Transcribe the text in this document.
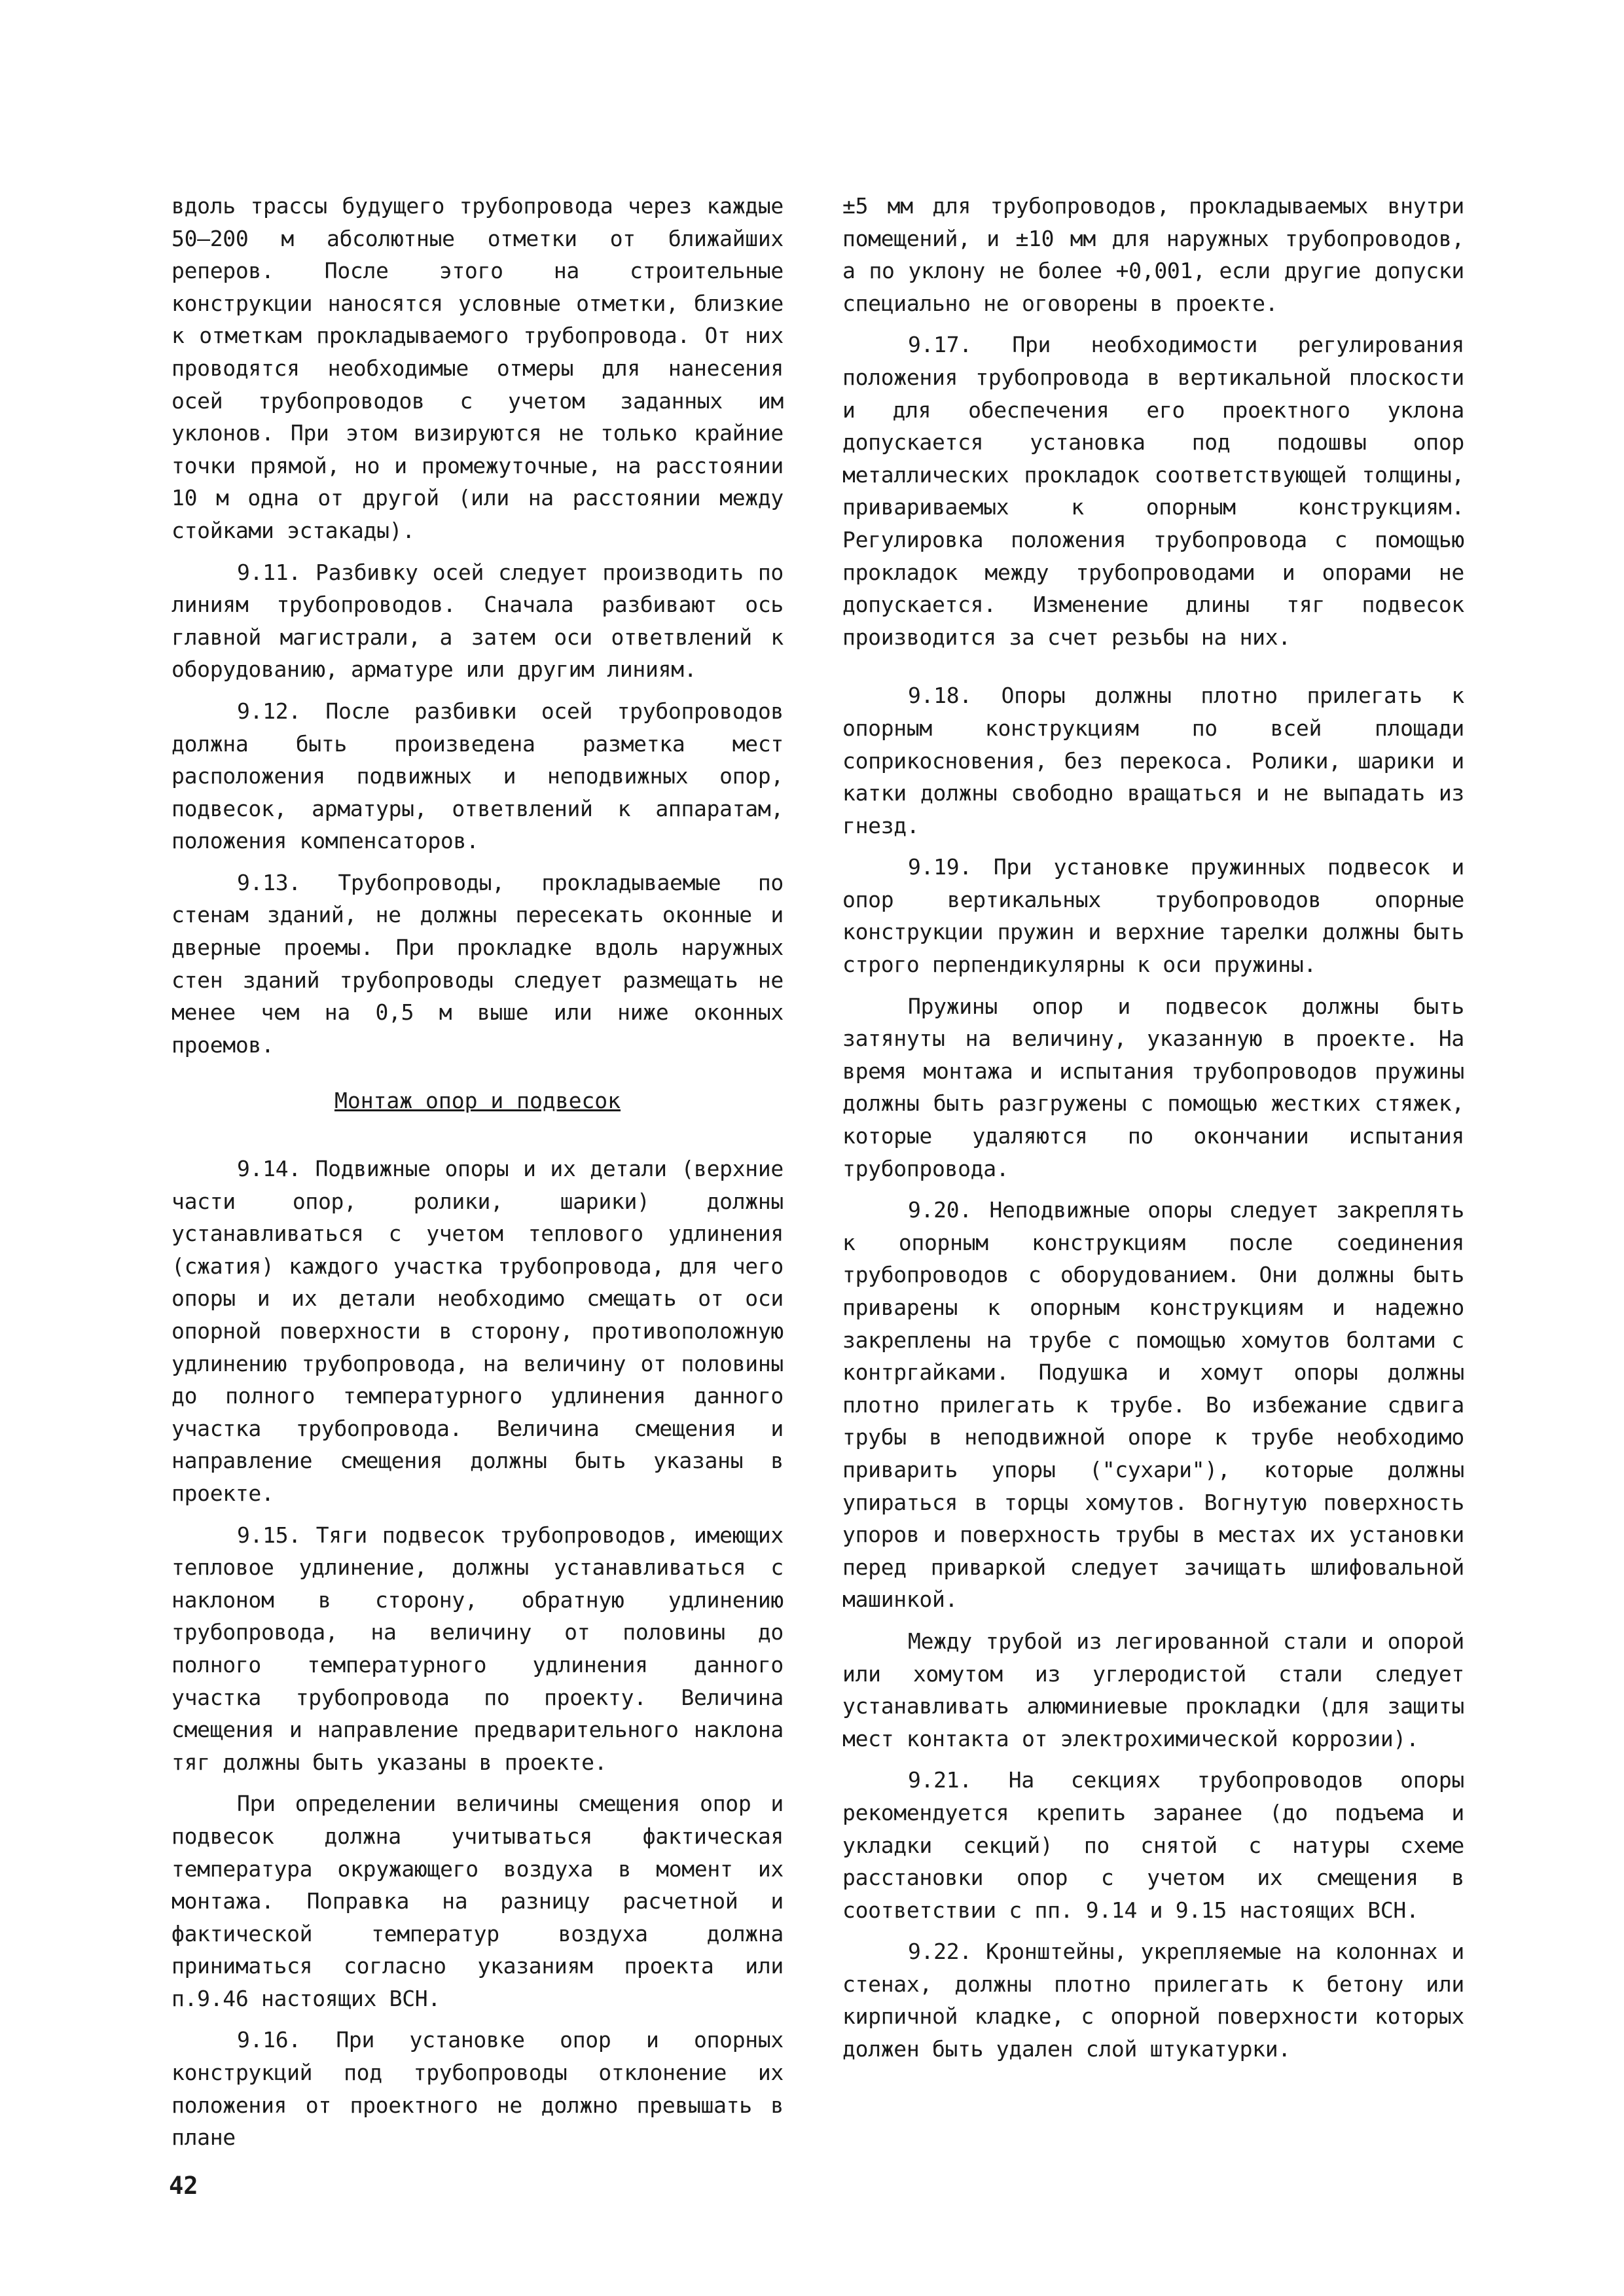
вдоль трассы будущего трубопровода через каждые 50–200 м абсолютные отметки от ближайших реперов. После этого на строительные конструкции наносятся условные отметки, близкие к отметкам прокладываемого трубопровода. От них проводятся необходимые отмеры для нанесения осей трубопроводов с учетом заданных им уклонов. При этом визируются не только крайние точки прямой, но и промежуточные, на расстоянии 10 м одна от другой (или на расстоянии между стойками эстакады).

9.11. Разбивку осей следует производить по линиям трубопроводов. Сначала разбивают ось главной магистрали, а затем оси ответвлений к оборудованию, арматуре или другим линиям.

9.12. После разбивки осей трубопроводов должна быть произведена разметка мест расположения подвижных и неподвижных опор, подвесок, арматуры, ответвлений к аппаратам, положения компенсаторов.

9.13. Трубопроводы, прокладываемые по стенам зданий, не должны пересекать оконные и дверные проемы. При прокладке вдоль наружных стен зданий трубопроводы следует размещать не менее чем на 0,5 м выше или ниже оконных проемов.

Монтаж опор и подвесок

9.14. Подвижные опоры и их детали (верхние части опор, ролики, шарики) должны устанавливаться с учетом теплового удлинения (сжатия) каждого участка трубопровода, для чего опоры и их детали необходимо смещать от оси опорной поверхности в сторону, противоположную удлинению трубопровода, на величину от половины до полного температурного удлинения данного участка трубопровода. Величина смещения и направление смещения должны быть указаны в проекте.

9.15. Тяги подвесок трубопроводов, имеющих тепловое удлинение, должны устанавливаться с наклоном в сторону, обратную удлинению трубопровода, на величину от половины до полного температурного удлинения данного участка трубопровода по проекту. Величина смещения и направление предварительного наклона тяг должны быть указаны в проекте.

При определении величины смещения опор и подвесок должна учитываться фактическая температура окружающего воздуха в момент их монтажа. Поправка на разницу расчетной и фактической температур воздуха должна приниматься согласно указаниям проекта или п.9.46 настоящих ВСН.

9.16. При установке опор и опорных конструкций под трубопроводы отклонение их положения от проектного не должно превышать в плане

±5 мм для трубопроводов, прокладываемых внутри помещений, и ±10 мм для наружных трубопроводов, а по уклону не более +0,001, если другие допуски специально не оговорены в проекте.

9.17. При необходимости регулирования положения трубопровода в вертикальной плоскости и для обеспечения его проектного уклона допускается установка под подошвы опор металлических прокладок соответствующей толщины, привариваемых к опорным конструкциям. Регулировка положения трубопровода с помощью прокладок между трубопроводами и опорами не допускается. Изменение длины тяг подвесок производится за счет резьбы на них.

9.18. Опоры должны плотно прилегать к опорным конструкциям по всей площади соприкосновения, без перекоса. Ролики, шарики и катки должны свободно вращаться и не выпадать из гнезд.

9.19. При установке пружинных подвесок и опор вертикальных трубопроводов опорные конструкции пружин и верхние тарелки должны быть строго перпендикулярны к оси пружины.

Пружины опор и подвесок должны быть затянуты на величину, указанную в проекте. На время монтажа и испытания трубопроводов пружины должны быть разгружены с помощью жестких стяжек, которые удаляются по окончании испытания трубопровода.

9.20. Неподвижные опоры следует закреплять к опорным конструкциям после соединения трубопроводов с оборудованием. Они должны быть приварены к опорным конструкциям и надежно закреплены на трубе с помощью хомутов болтами с контргайками. Подушка и хомут опоры должны плотно прилегать к трубе. Во избежание сдвига трубы в неподвижной опоре к трубе необходимо приварить упоры ("сухари"), которые должны упираться в торцы хомутов. Вогнутую поверхность упоров и поверхность трубы в местах их установки перед приваркой следует зачищать шлифовальной машинкой.

Между трубой из легированной стали и опорой или хомутом из углеродистой стали следует устанавливать алюминиевые прокладки (для защиты мест контакта от электрохимической коррозии).

9.21. На секциях трубопроводов опоры рекомендуется крепить заранее (до подъема и укладки секций) по снятой с натуры схеме расстановки опор с учетом их смещения в соответствии с пп. 9.14 и 9.15 настоящих ВСН.

9.22. Кронштейны, укрепляемые на колоннах и стенах, должны плотно прилегать к бетону или кирпичной кладке, с опорной поверхности которых должен быть удален слой штукатурки.

42
